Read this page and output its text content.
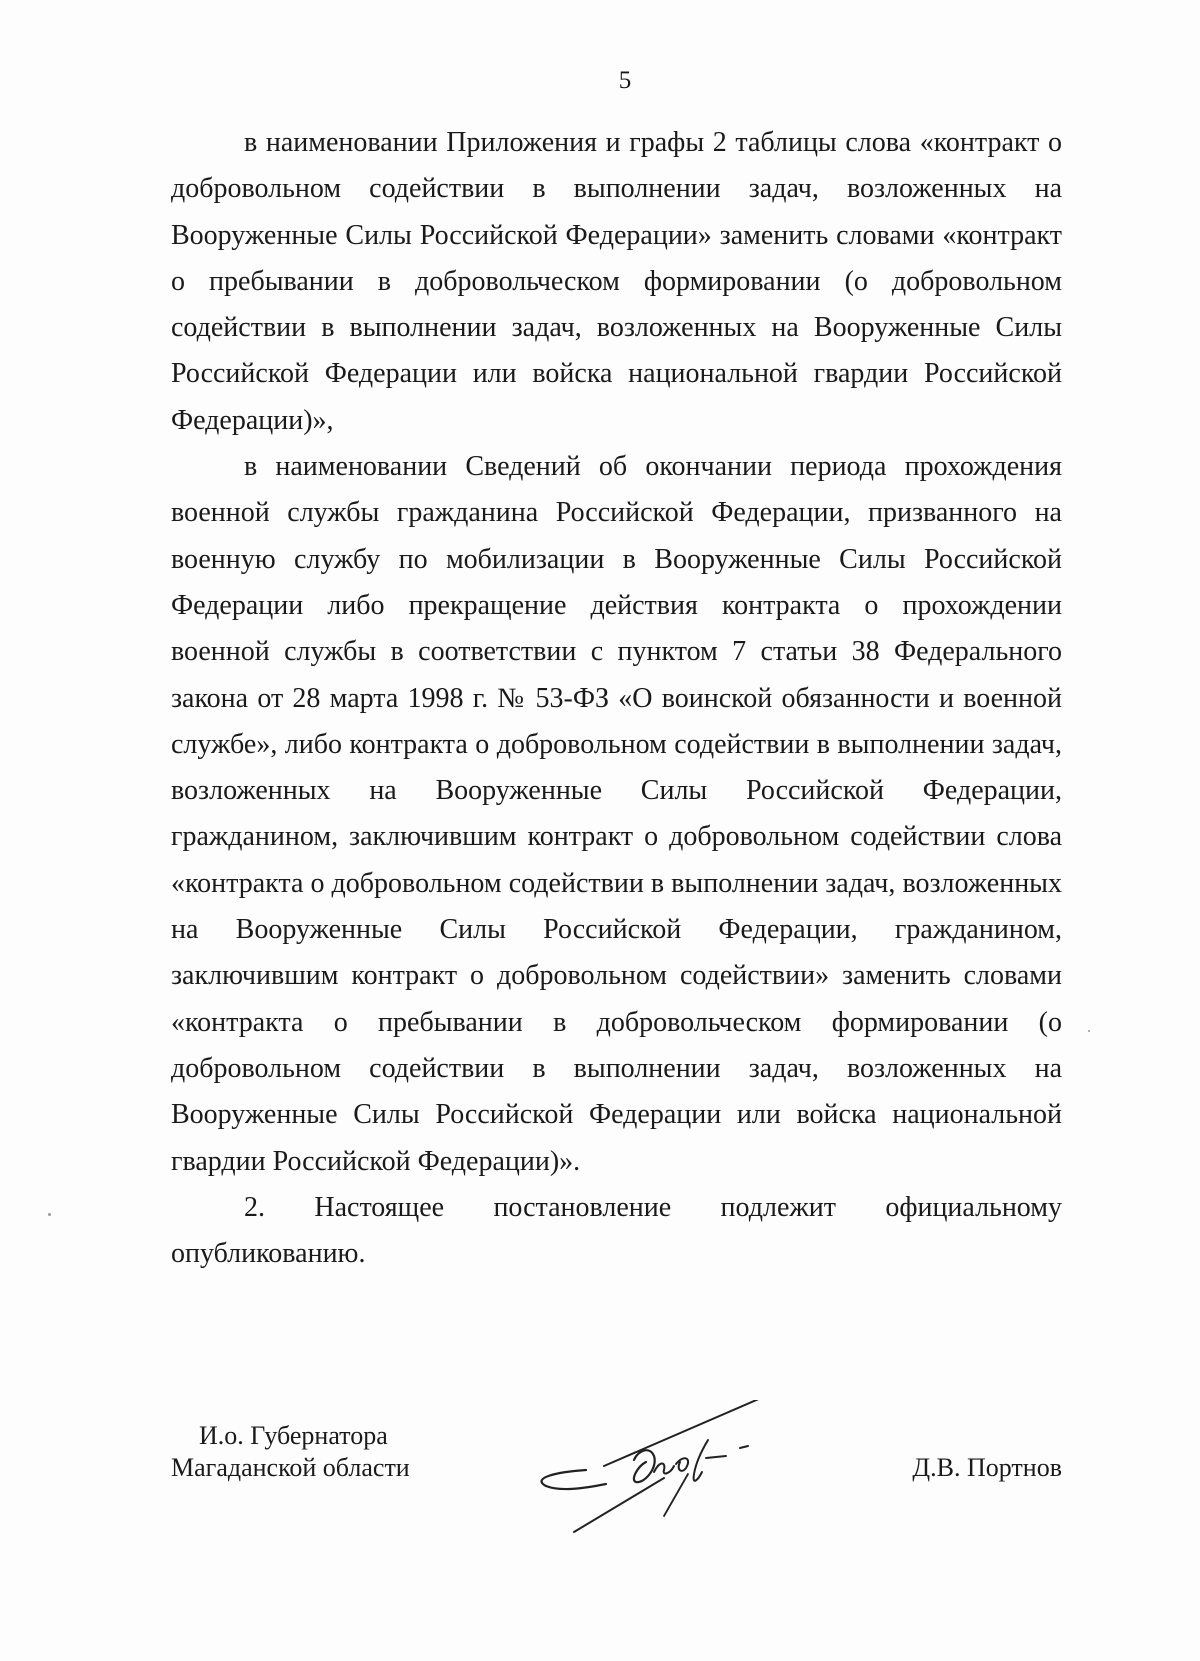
5

в наименовании Приложения и графы 2 таблицы слова «контракт о добровольном содействии в выполнении задач, возложенных на Вооруженные Силы Российской Федерации» заменить словами «контракт о пребывании в добровольческом формировании (о добровольном содействии в выполнении задач, возложенных на Вооруженные Силы Российской Федерации или войска национальной гвардии Российской Федерации)»,

в наименовании Сведений об окончании периода прохождения военной службы гражданина Российской Федерации, призванного на военную службу по мобилизации в Вооруженные Силы Российской Федерации либо прекращение действия контракта о прохождении военной службы в соответствии с пунктом 7 статьи 38 Федерального закона от 28 марта 1998 г. № 53-ФЗ «О воинской обязанности и военной службе», либо контракта о добровольном содействии в выполнении задач, возложенных на Вооруженные Силы Российской Федерации, гражданином, заключившим контракт о добровольном содействии слова «контракта о добровольном содействии в выполнении задач, возложенных на Вооруженные Силы Российской Федерации, гражданином, заключившим контракт о добровольном содействии» заменить словами «контракта о пребывании в добровольческом формировании (о добровольном содействии в выполнении задач, возложенных на Вооруженные Силы Российской Федерации или войска национальной гвардии Российской Федерации)».

2. Настоящее постановление подлежит официальному опубликованию.

И.о. Губернатора
Магаданской области	Д.В. Портнов
